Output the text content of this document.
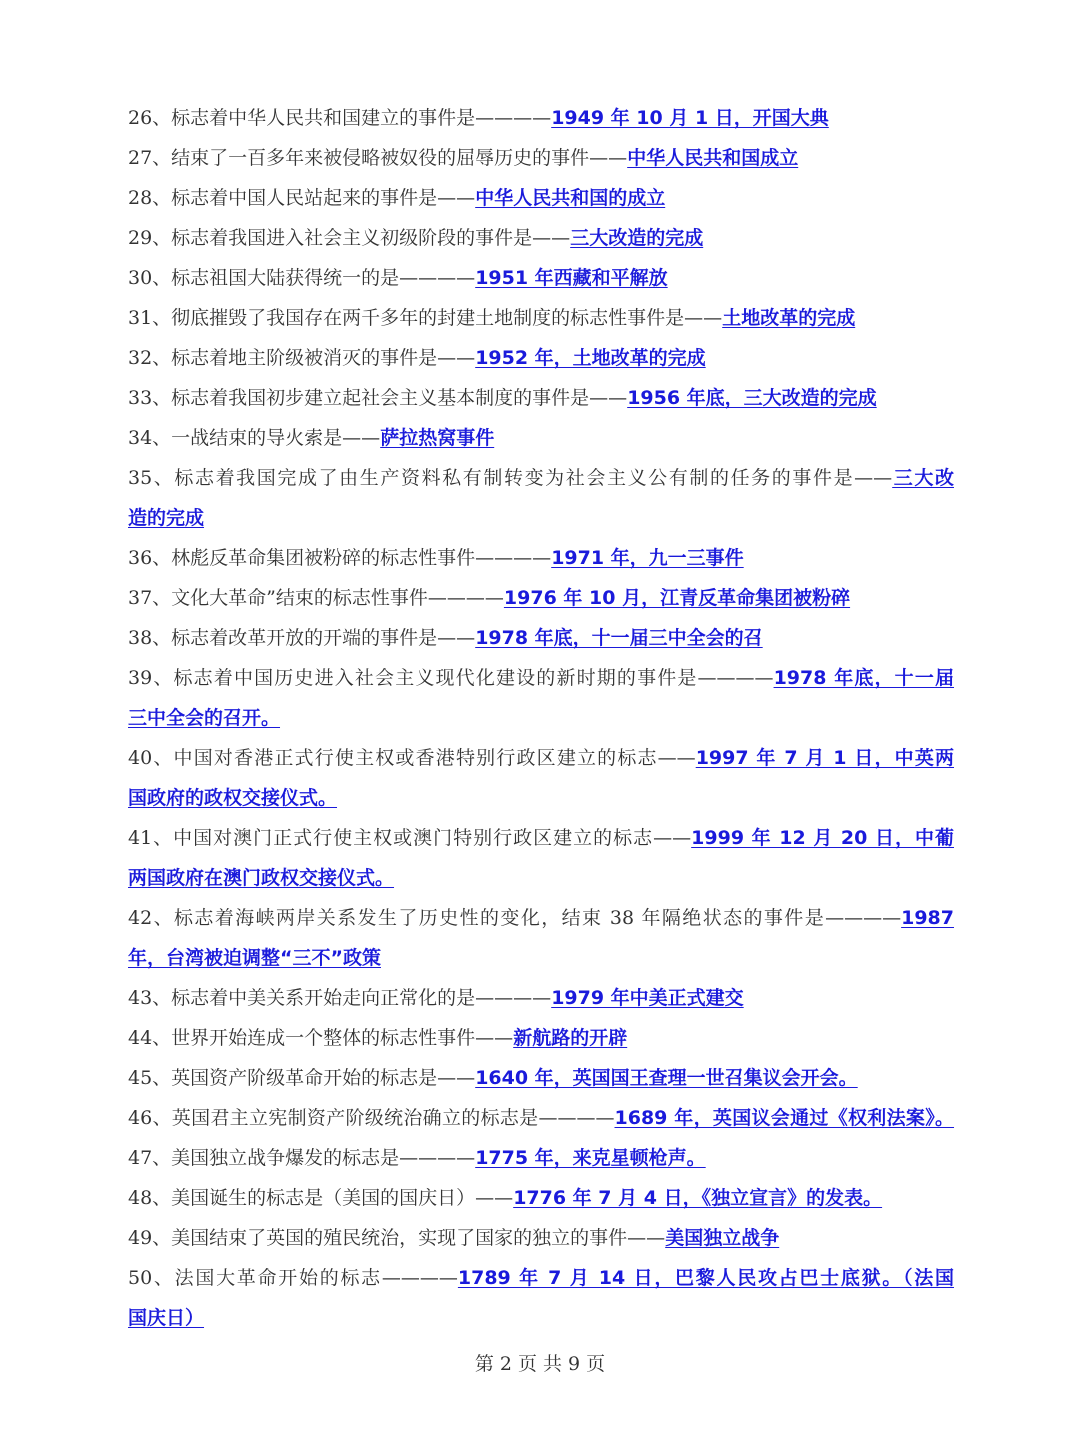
26、标志着中华人民共和国建立的事件是————1949 年 10 月 1 日，开国大典
27、结束了一百多年来被侵略被奴役的屈辱历史的事件——中华人民共和国成立
28、标志着中国人民站起来的事件是——中华人民共和国的成立
29、标志着我国进入社会主义初级阶段的事件是——三大改造的完成
30、标志祖国大陆获得统一的是————1951 年西藏和平解放
31、彻底摧毁了我国存在两千多年的封建土地制度的标志性事件是——土地改革的完成
32、标志着地主阶级被消灭的事件是——1952 年，土地改革的完成
33、标志着我国初步建立起社会主义基本制度的事件是——1956 年底，三大改造的完成
34、一战结束的导火索是——萨拉热窝事件
35、标志着我国完成了由生产资料私有制转变为社会主义公有制的任务的事件是——三大改
造的完成
36、林彪反革命集团被粉碎的标志性事件————1971 年，九一三事件
37、文化大革命”结束的标志性事件————1976 年 10 月，江青反革命集团被粉碎
38、标志着改革开放的开端的事件是——1978 年底，十一届三中全会的召
39、标志着中国历史进入社会主义现代化建设的新时期的事件是————1978 年底，十一届
三中全会的召开。
40、中国对香港正式行使主权或香港特别行政区建立的标志——1997 年 7 月 1 日，中英两
国政府的政权交接仪式。
41、中国对澳门正式行使主权或澳门特别行政区建立的标志——1999 年 12 月 20 日，中葡
两国政府在澳门政权交接仪式。
42、标志着海峡两岸关系发生了历史性的变化，结束 38 年隔绝状态的事件是————1987
年，台湾被迫调整“三不”政策
43、标志着中美关系开始走向正常化的是————1979 年中美正式建交
44、世界开始连成一个整体的标志性事件——新航路的开辟
45、英国资产阶级革命开始的标志是——1640 年，英国国王查理一世召集议会开会。
46、英国君主立宪制资产阶级统治确立的标志是————1689 年，英国议会通过《权利法案》。
47、美国独立战争爆发的标志是————1775 年，来克星顿枪声。
48、美国诞生的标志是（美国的国庆日）——1776 年 7 月 4 日，《独立宣言》的发表。
49、美国结束了英国的殖民统治，实现了国家的独立的事件——美国独立战争
50、法国大革命开始的标志————1789 年 7 月 14 日，巴黎人民攻占巴士底狱。（法国
国庆日）
第 2 页 共 9 页
